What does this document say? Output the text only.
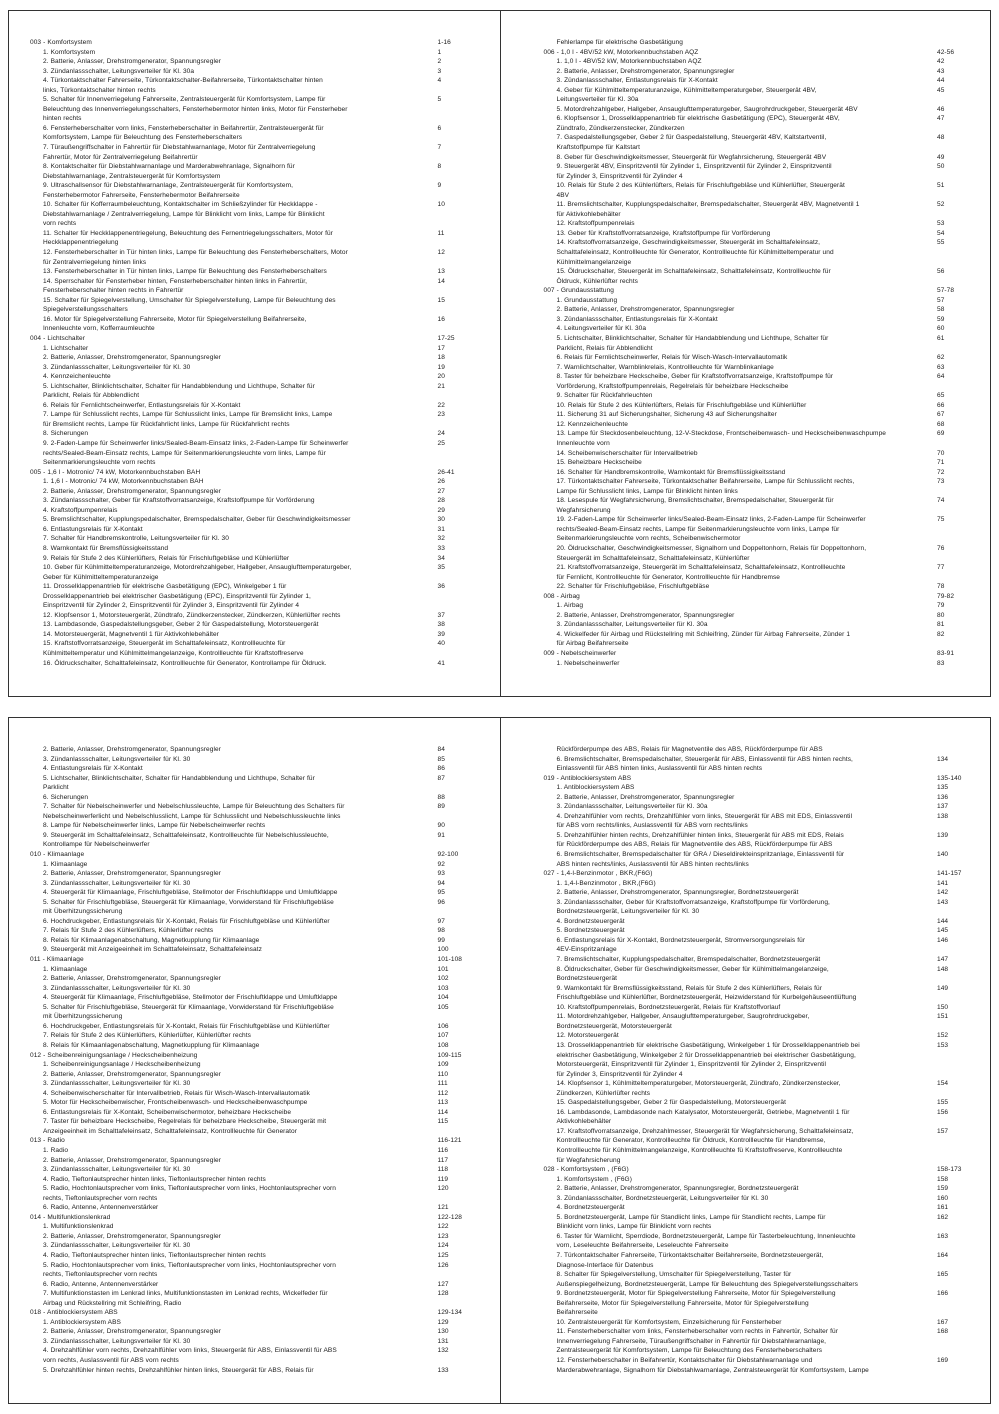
003 - Komfortsystem	1-16
1. Komfortsystem	1
2. Batterie, Anlasser, Drehstromgenerator, Spannungsregler	2
3. Zündanlassschalter, Leitungsverteiler für Kl. 30a	3
4. Türkontaktschalter Fahrerseite, Türkontaktschalter-Beifahrerseite, Türkontaktschalter hinten	4
links, Türkontaktschalter hinten rechts
5. Schalter für Innenverriegelung Fahrerseite, Zentralsteuergerät für Komfortsystem, Lampe für	5
Beleuchtung des Innenverriegelungsschalters, Fensterhebermotor hinten links, Motor für Fensterheber
hinten rechts
6. Fensterheberschalter vorn links, Fensterheberschalter in Beifahrertür, Zentralsteuergerät für	6
Komfortsystem, Lampe für Beleuchtung des Fensterheberschalters
7. Türaußengriffschalter in Fahrertür für Diebstahlwarnanlage, Motor für Zentralverriegelung	7
Fahrertür, Motor für Zentralverriegelung Beifahrertür
8. Kontaktschalter für Diebstahlwarnanlage und Marderabwehranlage, Signalhorn für	8
Diebstahlwarnanlage, Zentralsteuergerät für Komfortsystem
9. Ultraschallsensor für Diebstahlwarnanlage, Zentralsteuergerät für Komfortsystem,	9
Fensterhebermotor Fahrerseite, Fensterhebermotor Beifahrerseite
10. Schalter für Kofferraumbeleuchtung, Kontaktschalter im Schließzylinder für Heckklappe -	10
Diebstahlwarnanlage / Zentralverriegelung, Lampe für Blinklicht vorn links, Lampe für Blinklicht
vorn rechts
11. Schalter für Heckklappenentriegelung, Beleuchtung des Fernentriegelungsschalters, Motor für	11
Heckklappenentriegelung
12. Fensterheberschalter in Tür hinten links, Lampe für Beleuchtung des Fensterheberschalters, Motor	12
für Zentralverriegelung hinten links
13. Fensterheberschalter in Tür hinten links, Lampe für Beleuchtung des Fensterheberschalters	13
14. Sperrschalter für Fensterheber hinten, Fensterheberschalter hinten links in Fahrertür,	14
Fensterheberschalter hinten rechts in Fahrertür
15. Schalter für Spiegelverstellung, Umschalter für Spiegelverstellung, Lampe für Beleuchtung des	15
Spiegelverstellungsschalters
16. Motor für Spiegelverstellung Fahrerseite, Motor für Spiegelverstellung Beifahrerseite,	16
Innenleuchte vorn, Kofferraumleuchte
004 - Lichtschalter	17-25
1. Lichtschalter	17
2. Batterie, Anlasser, Drehstromgenerator, Spannungsregler	18
3. Zündanlassschalter, Leitungsverteiler für Kl. 30	19
4. Kennzeichenleuchte	20
5. Lichtschalter, Blinklichtschalter, Schalter für Handabblendung und Lichthupe, Schalter für	21
Parklicht, Relais für Abblendlicht
6. Relais für Fernlichtscheinwerfer, Entlastungsrelais für X-Kontakt	22
7. Lampe für Schlusslicht rechts, Lampe für Schlusslicht links, Lampe für Bremslicht links, Lampe	23
für Bremslicht rechts, Lampe für Rückfahrlicht links, Lampe für Rückfahrlicht rechts
8. Sicherungen	24
9. 2-Faden-Lampe für Scheinwerfer links/Sealed-Beam-Einsatz links, 2-Faden-Lampe für Scheinwerfer	25
rechts/Sealed-Beam-Einsatz rechts, Lampe für Seitenmarkierungsleuchte vorn links, Lampe für
Seitenmarkierungsleuchte vorn rechts
005 - 1,6 l - Motronic/ 74 kW, Motorkennbuchstaben BAH	26-41
1. 1,6 l - Motronic/ 74 kW, Motorkennbuchstaben BAH	26
2. Batterie, Anlasser, Drehstromgenerator, Spannungsregler	27
3. Zündanlassschalter, Geber für Kraftstoffvorratsanzeige, Kraftstoffpumpe für Vorförderung	28
4. Kraftstoffpumpenrelais	29
5. Bremslichtschalter, Kupplungspedalschalter, Bremspedalschalter, Geber für Geschwindigkeitsmesser	30
6. Entlastungsrelais für X-Kontakt	31
7. Schalter für Handbremskontrolle, Leitungsverteiler für Kl. 30	32
8. Warnkontakt für Bremsflüssigkeitsstand	33
9. Relais für Stufe 2 des Kühlerlüfters, Relais für Frischluftgebläse und Kühlerlüfter	34
10. Geber für Kühlmitteltemperaturanzeige, Motordrehzahlgeber, Hallgeber, Ansauglufttemperaturgeber,	35
Geber für Kühlmitteltemperaturanzeige
11. Drosselklappenantrieb für elektrische Gasbetätigung (EPC), Winkelgeber 1 für	36
Drosselklappenantrieb bei elektrischer Gasbetätigung (EPC), Einspritzventil für Zylinder 1,
Einspritzventil für Zylinder 2, Einspritzventil für Zylinder 3, Einspritzventil für Zylinder 4
12. Klopfsensor 1, Motorsteuergerät, Zündtrafo, Zündkerzenstecker, Zündkerzen, Kühlerlüfter rechts	37
13. Lambdasonde, Gaspedalstellungsgeber, Geber 2 für Gaspedalstellung, Motorsteuergerät	38
14. Motorsteuergerät, Magnetventil 1 für Aktivkohlebehälter	39
15. Kraftstoffvorratsanzeige, Steuergerät im Schalttafeleinsatz, Kontrollleuchte für	40
Kühlmitteltemperatur und Kühlmittelmangelanzeige, Kontrollleuchte für Kraftstoffreserve
16. Öldruckschalter, Schalttafeleinsatz, Kontrollleuchte für Generator, Kontrollampe für Öldruck.	41
Fehlerlampe für elektrische Gasbetätigung
006 - 1,0 l - 4BV/52 kW, Motorkennbuchstaben AQZ	42-56
1. 1,0 l - 4BV/52 kW, Motorkennbuchstaben AQZ	42
2. Batterie, Anlasser, Drehstromgenerator, Spannungsregler	43
3. Zündanlassschalter, Entlastungsrelais für X-Kontakt	44
4. Geber für Kühlmitteltemperaturanzeige, Kühlmitteltemperaturgeber, Steuergerät 4BV,	45
Leitungsverteiler für Kl. 30a
5. Motordrehzahlgeber, Hallgeber, Ansauglufttemperaturgeber, Saugrohrdruckgeber, Steuergerät 4BV	46
6. Klopfsensor 1, Drosselklappenantrieb für elektrische Gasbetätigung (EPC), Steuergerät 4BV,	47
Zündtrafo, Zündkerzenstecker, Zündkerzen
7. Gaspedalstellungsgeber, Geber 2 für Gaspedalstellung, Steuergerät 4BV, Kaltstartventil,	48
Kraftstoffpumpe für Kaltstart
8. Geber für Geschwindigkeitsmesser, Steuergerät für Wegfahrsicherung, Steuergerät 4BV	49
9. Steuergerät 4BV, Einspritzventil für Zylinder 1, Einspritzventil für Zylinder 2, Einspritzventil	50
für Zylinder 3, Einspritzventil für Zylinder 4
10. Relais für Stufe 2 des Kühlerlüfters, Relais für Frischluftgebläse und Kühlerlüfter, Steuergerät	51
4BV
11. Bremslichtschalter, Kupplungspedalschalter, Bremspedalschalter, Steuergerät 4BV, Magnetventil 1	52
für Aktivkohlebehälter
12. Kraftstoffpumpenrelais	53
13. Geber für Kraftstoffvorratsanzeige, Kraftstoffpumpe für Vorförderung	54
14. Kraftstoffvorratsanzeige, Geschwindigkeitsmesser, Steuergerät im Schalttafeleinsatz,	55
Schalttafeleinsatz, Kontrollleuchte für Generator, Kontrollleuchte für Kühlmitteltemperatur und
Kühlmittelmangelanzeige
15. Öldruckschalter, Steuergerät im Schalttafeleinsatz, Schalttafeleinsatz, Kontrollleuchte für	56
Öldruck, Kühlerlüfter rechts
007 - Grundausstattung	57-78
1. Grundausstattung	57
2. Batterie, Anlasser, Drehstromgenerator, Spannungsregler	58
3. Zündanlassschalter, Entlastungsrelais für X-Kontakt	59
4. Leitungsverteiler für Kl. 30a	60
5. Lichtschalter, Blinklichtschalter, Schalter für Handabblendung und Lichthupe, Schalter für	61
Parklicht, Relais für Abblendlicht
6. Relais für Fernlichtscheinwerfer, Relais für Wisch-Wasch-Intervallautomatik	62
7. Warnlichtschalter, Warnblinkrelais, Kontrollleuchte für Warnblinkanlage	63
8. Taster für beheizbare Heckscheibe, Geber für Kraftstoffvorratsanzeige, Kraftstoffpumpe für	64
Vorförderung, Kraftstoffpumpenrelais, Regelrelais für beheizbare Heckscheibe
9. Schalter für Rückfahrleuchten	65
10. Relais für Stufe 2 des Kühlerlüfters, Relais für Frischluftgebläse und Kühlerlüfter	66
11. Sicherung 31 auf Sicherungshalter, Sicherung 43 auf Sicherungshalter	67
12. Kennzeichenleuchte	68
13. Lampe für Steckdosenbeleuchtung, 12-V-Steckdose, Frontscheibenwasch- und Heckscheibenwaschpumpe	69
Innenleuchte vorn
14. Scheibenwischerschalter für Intervallbetrieb	70
15. Beheizbare Heckscheibe	71
16. Schalter für Handbremskontrolle, Warnkontakt für Bremsflüssigkeitsstand	72
17. Türkontaktschalter Fahrerseite, Türkontaktschalter Beifahrerseite, Lampe für Schlusslicht rechts,	73
Lampe für Schlusslicht links, Lampe für Blinklicht hinten links
18. Lesespule für Wegfahrsicherung, Bremslichtschalter, Bremspedalschalter, Steuergerät für	74
Wegfahrsicherung
19. 2-Faden-Lampe für Scheinwerfer links/Sealed-Beam-Einsatz links, 2-Faden-Lampe für Scheinwerfer	75
rechts/Sealed-Beam-Einsatz rechts, Lampe für Seitenmarkierungsleuchte vorn links, Lampe für
Seitenmarkierungsleuchte vorn rechts, Scheibenwischermotor
20. Öldruckschalter, Geschwindigkeitsmesser, Signalhorn und Doppeltonhorn, Relais für Doppeltonhorn,	76
Steuergerät im Schalttafeleinsatz, Schalttafeleinsatz, Kühlerlüfter
21. Kraftstoffvorratsanzeige, Steuergerät im Schalttafeleinsatz, Schalttafeleinsatz, Kontrollleuchte	77
für Fernlicht, Kontrollleuchte für Generator, Kontrollleuchte für Handbremse
22. Schalter für Frischluftgebläse, Frischluftgebläse	78
008 - Airbag	79-82
1. Airbag	79
2. Batterie, Anlasser, Drehstromgenerator, Spannungsregler	80
3. Zündanlassschalter, Leitungsverteiler für Kl. 30a	81
4. Wickelfeder für Airbag und Rückstellring mit Schleifring, Zünder für Airbag Fahrerseite, Zünder 1	82
für Airbag Beifahrerseite
009 - Nebelscheinwerfer	83-91
1. Nebelscheinwerfer	83
2. Batterie, Anlasser, Drehstromgenerator, Spannungsregler	84
3. Zündanlassschalter, Leitungsverteiler für Kl. 30	85
4. Entlastungsrelais für X-Kontakt	86
5. Lichtschalter, Blinklichtschalter, Schalter für Handabblendung und Lichthupe, Schalter für	87
Parklicht
6. Sicherungen	88
7. Schalter für Nebelscheinwerfer und Nebelschlussleuchte, Lampe für Beleuchtung des Schalters für	89
Nebelscheinwerferlicht und Nebelschlusslicht, Lampe für Schlusslicht und Nebelschlussleuchte links
8. Lampe für Nebelscheinwerfer links, Lampe für Nebelscheinwerfer rechts	90
9. Steuergerät im Schalttafeleinsatz, Schalttafeleinsatz, Kontrollleuchte für Nebelschlussleuchte,	91
Kontrollampe für Nebelscheinwerfer
010 - Klimaanlage	92-100
1. Klimaanlage	92
2. Batterie, Anlasser, Drehstromgenerator, Spannungsregler	93
3. Zündanlassschalter, Leitungsverteiler für Kl. 30	94
4. Steuergerät für Klimaanlage, Frischluftgebläse, Stellmotor der Frischluftklappe und Umluftklappe	95
5. Schalter für Frischluftgebläse, Steuergerät für Klimaanlage, Vorwiderstand für Frischluftgebläse	96
mit Überhitzungssicherung
6. Hochdruckgeber, Entlastungsrelais für X-Kontakt, Relais für Frischluftgebläse und Kühlerlüfter	97
7. Relais für Stufe 2 des Kühlerlüfters, Kühlerlüfter rechts	98
8. Relais für Klimaanlagenabschaltung, Magnetkupplung für Klimaanlage	99
9. Steuergerät mit Anzeigeeinheit im Schalttafeleinsatz, Schalttafeleinsatz	100
011 - Klimaanlage	101-108
1. Klimaanlage	101
2. Batterie, Anlasser, Drehstromgenerator, Spannungsregler	102
3. Zündanlassschalter, Leitungsverteiler für Kl. 30	103
4. Steuergerät für Klimaanlage, Frischluftgebläse, Stellmotor der Frischluftklappe und Umluftklappe	104
5. Schalter für Frischluftgebläse, Steuergerät für Klimaanlage, Vorwiderstand für Frischluftgebläse	105
mit Überhitzungssicherung
6. Hochdruckgeber, Entlastungsrelais für X-Kontakt, Relais für Frischluftgebläse und Kühlerlüfter	106
7. Relais für Stufe 2 des Kühlerlüfters, Kühlerlüfter, Kühlerlüfter rechts	107
8. Relais für Klimaanlagenabschaltung, Magnetkupplung für Klimaanlage	108
012 - Scheibenreinigungsanlage / Heckscheibenheizung	109-115
1. Scheibenreinigungsanlage / Heckscheibenheizung	109
2. Batterie, Anlasser, Drehstromgenerator, Spannungsregler	110
3. Zündanlassschalter, Leitungsverteiler für Kl. 30	111
4. Scheibenwischerschalter für Intervallbetrieb, Relais für Wisch-Wasch-Intervallautomatik	112
5. Motor für Heckscheibenwischer, Frontscheibenwasch- und Heckscheibenwaschpumpe	113
6. Entlastungsrelais für X-Kontakt, Scheibenwischermotor, beheizbare Heckscheibe	114
7. Taster für beheizbare Heckscheibe, Regelrelais für beheizbare Heckscheibe, Steuergerät mit	115
Anzeigeeinheit im Schalttafeleinsatz, Schalttafeleinsatz, Kontrollleuchte für Generator
013 - Radio	116-121
1. Radio	116
2. Batterie, Anlasser, Drehstromgenerator, Spannungsregler	117
3. Zündanlassschalter, Leitungsverteiler für Kl. 30	118
4. Radio, Tieftonlautsprecher hinten links, Tieftonlautsprecher hinten rechts	119
5. Radio, Hochtonlautsprecher vorn links, Tieftonlautsprecher vorn links, Hochtonlautsprecher vorn	120
rechts, Tieftonlautsprecher vorn rechts
6. Radio, Antenne, Antennenverstärker	121
014 - Multifunktionslenkrad	122-128
1. Multifunktionslenkrad	122
2. Batterie, Anlasser, Drehstromgenerator, Spannungsregler	123
3. Zündanlassschalter, Leitungsverteiler für Kl. 30	124
4. Radio, Tieftonlautsprecher hinten links, Tieftonlautsprecher hinten rechts	125
5. Radio, Hochtonlautsprecher vorn links, Tieftonlautsprecher vorn links, Hochtonlautsprecher vorn	126
rechts, Tieftonlautsprecher vorn rechts
6. Radio, Antenne, Antennenverstärker	127
7. Multifunktionstasten im Lenkrad links, Multifunktionstasten im Lenkrad rechts, Wickelfeder für	128
Airbag und Rückstellring mit Schleifring, Radio
018 - Antiblockiersystem ABS	129-134
1. Antiblockiersystem ABS	129
2. Batterie, Anlasser, Drehstromgenerator, Spannungsregler	130
3. Zündanlassschalter, Leitungsverteiler für Kl. 30	131
4. Drehzahlfühler vorn rechts, Drehzahlfühler vorn links, Steuergerät für ABS, Einlassventil für ABS	132
vorn rechts, Auslassventil für ABS vorn rechts
5. Drehzahlfühler hinten rechts, Drehzahlfühler hinten links, Steuergerät für ABS, Relais für	133
Rückförderpumpe des ABS, Relais für Magnetventile des ABS, Rückförderpumpe für ABS
6. Bremslichtschalter, Bremspedalschalter, Steuergerät für ABS, Einlassventil für ABS hinten rechts,	134
Einlassventil für ABS hinten links, Auslassventil für ABS hinten rechts
019 - Antiblockiersystem ABS	135-140
1. Antiblockiersystem ABS	135
2. Batterie, Anlasser, Drehstromgenerator, Spannungsregler	136
3. Zündanlassschalter, Leitungsverteiler für Kl. 30a	137
4. Drehzahlfühler vorn rechts, Drehzahlfühler vorn links, Steuergerät für ABS mit EDS, Einlassventil	138
für ABS vorn rechts/links, Auslassventil für ABS vorn rechts/links
5. Drehzahlfühler hinten rechts, Drehzahlfühler hinten links, Steuergerät für ABS mit EDS, Relais	139
für Rückförderpumpe des ABS, Relais für Magnetventile des ABS, Rückförderpumpe für ABS
6. Bremslichtschalter, Bremspedalschalter für GRA / Dieseldirekteinspritzanlage, Einlassventil für	140
ABS hinten rechts/links, Auslassventil für ABS hinten rechts/links
027 - 1,4-l-Benzinmotor , BKR,(F6G)	141-157
1. 1,4-l-Benzinmotor , BKR,(F6G)	141
2. Batterie, Anlasser, Drehstromgenerator, Spannungsregler, Bordnetzsteuergerät	142
3. Zündanlassschalter, Geber für Kraftstoffvorratsanzeige, Kraftstoffpumpe für Vorförderung,	143
Bordnetzsteuergerät, Leitungsverteiler für Kl. 30
4. Bordnetzsteuergerät	144
5. Bordnetzsteuergerät	145
6. Entlastungsrelais für X-Kontakt, Bordnetzsteuergerät, Stromversorgungsrelais für	146
4EV-Einspritzanlage
7. Bremslichtschalter, Kupplungspedalschalter, Bremspedalschalter, Bordnetzsteuergerät	147
8. Öldruckschalter, Geber für Geschwindigkeitsmesser, Geber für Kühlmittelmangelanzeige,	148
Bordnetzsteuergerät
9. Warnkontakt für Bremsflüssigkeitsstand, Relais für Stufe 2 des Kühlerlüfters, Relais für	149
Frischluftgebläse und Kühlerlüfter, Bordnetzsteuergerät, Heizwiderstand für Kurbelgehäuseentlüftung
10. Kraftstoffpumpenrelais, Bordnetzsteuergerät, Relais für Kraftstoffvorlauf	150
11. Motordrehzahlgeber, Hallgeber, Ansauglufttemperaturgeber, Saugrohrdruckgeber,	151
Bordnetzsteuergerät, Motorsteuergerät
12. Motorsteuergerät	152
13. Drosselklappenantrieb für elektrische Gasbetätigung, Winkelgeber 1 für Drosselklappenantrieb bei	153
elektrischer Gasbetätigung, Winkelgeber 2 für Drosselklappenantrieb bei elektrischer Gasbetätigung,
Motorsteuergerät, Einspritzventil für Zylinder 1, Einspritzventil für Zylinder 2, Einspritzventil
für Zylinder 3, Einspritzventil für Zylinder 4
14. Klopfsensor 1, Kühlmitteltemperaturgeber, Motorsteuergerät, Zündtrafo, Zündkerzenstecker,	154
Zündkerzen, Kühlerlüfter rechts
15. Gaspedalstellungsgeber, Geber 2 für Gaspedalstellung, Motorsteuergerät	155
16. Lambdasonde, Lambdasonde nach Katalysator, Motorsteuergerät, Getriebe, Magnetventil 1 für	156
Aktivkohlebehälter
17. Kraftstoffvorratsanzeige, Drehzahlmesser, Steuergerät für Wegfahrsicherung, Schalttafeleinsatz,	157
Kontrollleuchte für Generator, Kontrollleuchte für Öldruck, Kontrollleuchte für Handbremse,
Kontrollleuchte für Kühlmittelmangelanzeige, Kontrollleuchte fü Kraftstoffreserve, Kontrollleuchte
für Wegfahrsicherung
028 - Komfortsystem , (F6G)	158-173
1. Komfortsystem , (F6G)	158
2. Batterie, Anlasser, Drehstromgenerator, Spannungsregler, Bordnetzsteuergerät	159
3. Zündanlassschalter, Bordnetzsteuergerät, Leitungsverteiler für Kl. 30	160
4. Bordnetzsteuergerät	161
5. Bordnetzsteuergerät, Lampe für Standlicht links, Lampe für Standlicht rechts, Lampe für	162
Blinklicht vorn links, Lampe für Blinklicht vorn rechts
6. Taster für Warnlicht, Sperrdiode, Bordnetzsteuergerät, Lampe für Tasterbeleuchtung, Innenleuchte	163
vorn, Leseleuchte Beifahrerseite, Leseleuchte Fahrerseite
7. Türkontaktschalter Fahrerseite, Türkontaktschalter Beifahrerseite, Bordnetzsteuergerät,	164
Diagnose-Interface für Datenbus
8. Schalter für Spiegelverstellung, Umschalter für Spiegelverstellung, Taster für	165
Außenspiegelheizung, Bordnetzsteuergerät, Lampe für Beleuchtung des Spiegelverstellungsschalters
9. Bordnetzsteuergerät, Motor für Spiegelverstellung Fahrerseite, Motor für Spiegelverstellung	166
Beifahrerseite, Motor für Spiegelverstellung Fahrerseite, Motor für Spiegelverstellung
Beifahrerseite
10. Zentralsteuergerät für Komfortsystem, Einzelsicherung für Fensterheber	167
11. Fensterheberschalter vorn links, Fensterheberschalter vorn rechts in Fahrertür, Schalter für	168
Innenverriegelung Fahrerseite, Türaußengriffschalter in Fahrertür für Diebstahlwarnanlage,
Zentralsteuergerät für Komfortsystem, Lampe für Beleuchtung des Fensterheberschalters
12. Fensterheberschalter in Beifahrertür, Kontaktschalter für Diebstahlwarnanlage und	169
Marderabwehranlage, Signalhorn für Diebstahlwarnanlage, Zentralsteuergerät für Komfortsystem, Lampe
